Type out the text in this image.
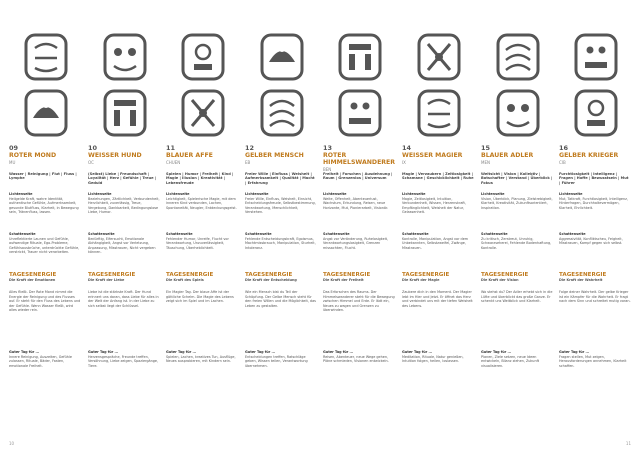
09
ROTER MOND
MU
Wasser | Reinigung | Flut | Fluss | Lymphe
Lichtenseite
Heilgelde Kraft, wahre Identität, authentische Gefühle, Aufmerksamkeit, gesunde Blutfluss, Klarheit, in Bewegung sein, Tränenfluss, lassen.
Schattenseite
Unreflektierte Launen und Gefühle, aufwendige Rituale, Ego-Probleme, Gefühlsausbrüche, unterdrückte Gefühle, verstrickt, Trauer nicht verarbeiten.
TAGESENERGIE
Die Kraft der Emotionen
Alles fließt. Der Rote Mond nimmt die Energie der Reinigung und des Flusses auf. Er steht für den Fluss des Lebens und der Gefühle. Wenn Wasser fließt, wird alles wieder rein.
Guter Tag für ...
Innere Reinigung, Auszeiten, Gefühle zulassen, Rituale, Bäder, Fasten, emotionale Freiheit.
10
WEISSER HUND
OC
(Selbst) Liebe | Freundschaft | Loyalität | Herz | Gefühle | Treue | Geduld
Lichtenseite
Beziehungen, Zärtlichkeit, Verbundenheit, Herzlichkeit, zuverlässig, Treue, Vergebung, Dankbarkeit, Bedingungslose Liebe, Humor.
Schattenseite
Bedürftig, Eifersucht, Emotionale Abhängigkeit, Angst vor Verletzung, Anpassung, Misstrauen, Nicht vergeben können.
TAGESENERGIE
Die Kraft der Liebe
Liebe ist die stärkste Kraft. Der Hund erinnert uns daran, dass Liebe für alles in der Welt der Anfang ist. In der Liebe zu sich selbst liegt der Schlüssel.
Guter Tag für ...
Herzensgespräche, Freunde treffen, Versöhnung, Liebe zeigen, Spaziergänge, Tiere.
11
BLAUER AFFE
CHUEN
Spielen | Humor | Freiheit | Kind | Magie | Illusion | Kreativität | Lebensfreude
Lichtenseite
Leichtigkeit, Spielerische Magie, mit dem inneren Kind verbunden, Lachen, Spontaneität, Neugier, Entdeckungsgeist.
Schattenseite
Fehlender Humor, Unreife, Flucht vor Verantwortung, Unzuverlässigkeit, Täuschung, Überheblichkeit.
TAGESENERGIE
Die Kraft des Spiels
Ein Magier Tag. Der blaue Affe ist der göttliche Schelm. Die Magie des Lebens zeigt sich im Spiel und im Lachen.
Guter Tag für ...
Spielen, Lachen, kreatives Tun, Ausflüge, Neues ausprobieren, mit Kindern sein.
12
GELBER MENSCH
EB
Freier Wille | Einfluss | Weisheit | Aufmerksamkeit | Qualität | Macht | Erfahrung
Lichtenseite
Freier Wille, Einfluss, Weisheit, Einsicht, Entscheidungsfreude, Selbstbestimmung, Verantwortung, Menschlichkeit, Verstehen.
Schattenseite
Fehlende Entscheidungskraft, Egoismus, Machtmissbrauch, Manipulation, Sturheit, Intoleranz.
TAGESENERGIE
Die Kraft der Entscheidung
Wie ein Mensch bist du Teil der Schöpfung. Der Gelbe Mensch steht für den freien Willen und die Möglichkeit, das Leben zu gestalten.
Guter Tag für ...
Entscheidungen treffen, Ratschläge geben, Wissen teilen, Verantwortung übernehmen.
13
ROTER HIMMELSWANDERER
BEN
Freiheit | Forschen | Ausdehnung | Raum | Grenzenlos | Universum
Lichtenseite
Weite, Offenheit, Abenteuerlust, Wachstum, Erkundung, Reisen, neue Horizonte, Mut, Pionierarbeit, Visionär.
Schattenseite
Angst vor Veränderung, Ruhelosigkeit, Verantwortungslosigkeit, Grenzen missachten, Flucht.
TAGESENERGIE
Die Kraft der Freiheit
Das Erforschen des Raums. Der Himmelswanderer steht für die Bewegung zwischen Himmel und Erde. Er lädt ein, Neues zu wagen und Grenzen zu überwinden.
Guter Tag für ...
Reisen, Abenteuer, neue Wege gehen, Pläne schmieden, Visionen entwickeln.
14
WEISSER MAGIER
IX
Magie | Verzaubern | Zeitlosigkeit | Schamane | Geschicklichkeit | Ruhe
Lichtenseite
Magie, Zeitlosigkeit, Intuition, Verbundenheit, Wissen, Herzenskraft, Empfänglichkeit, Weisheit der Natur, Gelassenheit.
Schattenseite
Kontrolle, Manipulation, Angst vor dem Unbekannten, Selbstzweifel, Zwänge, Misstrauen.
TAGESENERGIE
Die Kraft der Magie
Zaubere dich in den Moment. Der Magier lebt im Hier und Jetzt. Er öffnet das Herz und verbindet uns mit der tiefen Weisheit des Lebens.
Guter Tag für ...
Meditation, Rituale, Natur genießen, Intuition folgen, heilen, loslassen.
15
BLAUER ADLER
MEN
Weitsicht | Vision | Kollektiv | Botschafter | Verstand | Überblick | Fokus
Lichtenseite
Vision, Überblick, Planung, Zielstrebigkeit, Klarheit, Kreativität, Zukunftsorientiert, Inspiration.
Schattenseite
Zu kritisch, Zerstreut, Unruhig, Schwarzseherei, Fehlende Bodenhaftung, Kontrolle.
TAGESENERGIE
Die Kraft der Vision
Wo stehst du? Der Adler erhebt sich in die Lüfte und überblickt das große Ganze. Er schenkt uns Weitblick und Klarheit.
Guter Tag für ...
Planen, Ziele setzen, neue Ideen entwickeln, Bilanz ziehen, Zukunft visualisieren.
16
GELBER KRIEGER
CIB
Furchtlosigkeit | Intelligenz | Fragen | Hoffe | Bewusstsein | Mut | Führer
Lichtenseite
Mut, Tatkraft, Furchtlosigkeit, Intelligenz, Hinterfragen, Durchhaltevermögen, Klarheit, Ehrlichkeit.
Schattenseite
Aggressivität, Konfliktscheu, Feigheit, Misstrauen, Kampf gegen sich selbst.
TAGESENERGIE
Die Kraft der Wahrheit
Folge deiner Wahrheit. Der gelbe Krieger ist ein Kämpfer für die Wahrheit. Er fragt nach dem Sinn und schreitet mutig voran.
Guter Tag für ...
Fragen stellen, Mut zeigen, Herausforderungen annehmen, Klarheit schaffen.
10	11
